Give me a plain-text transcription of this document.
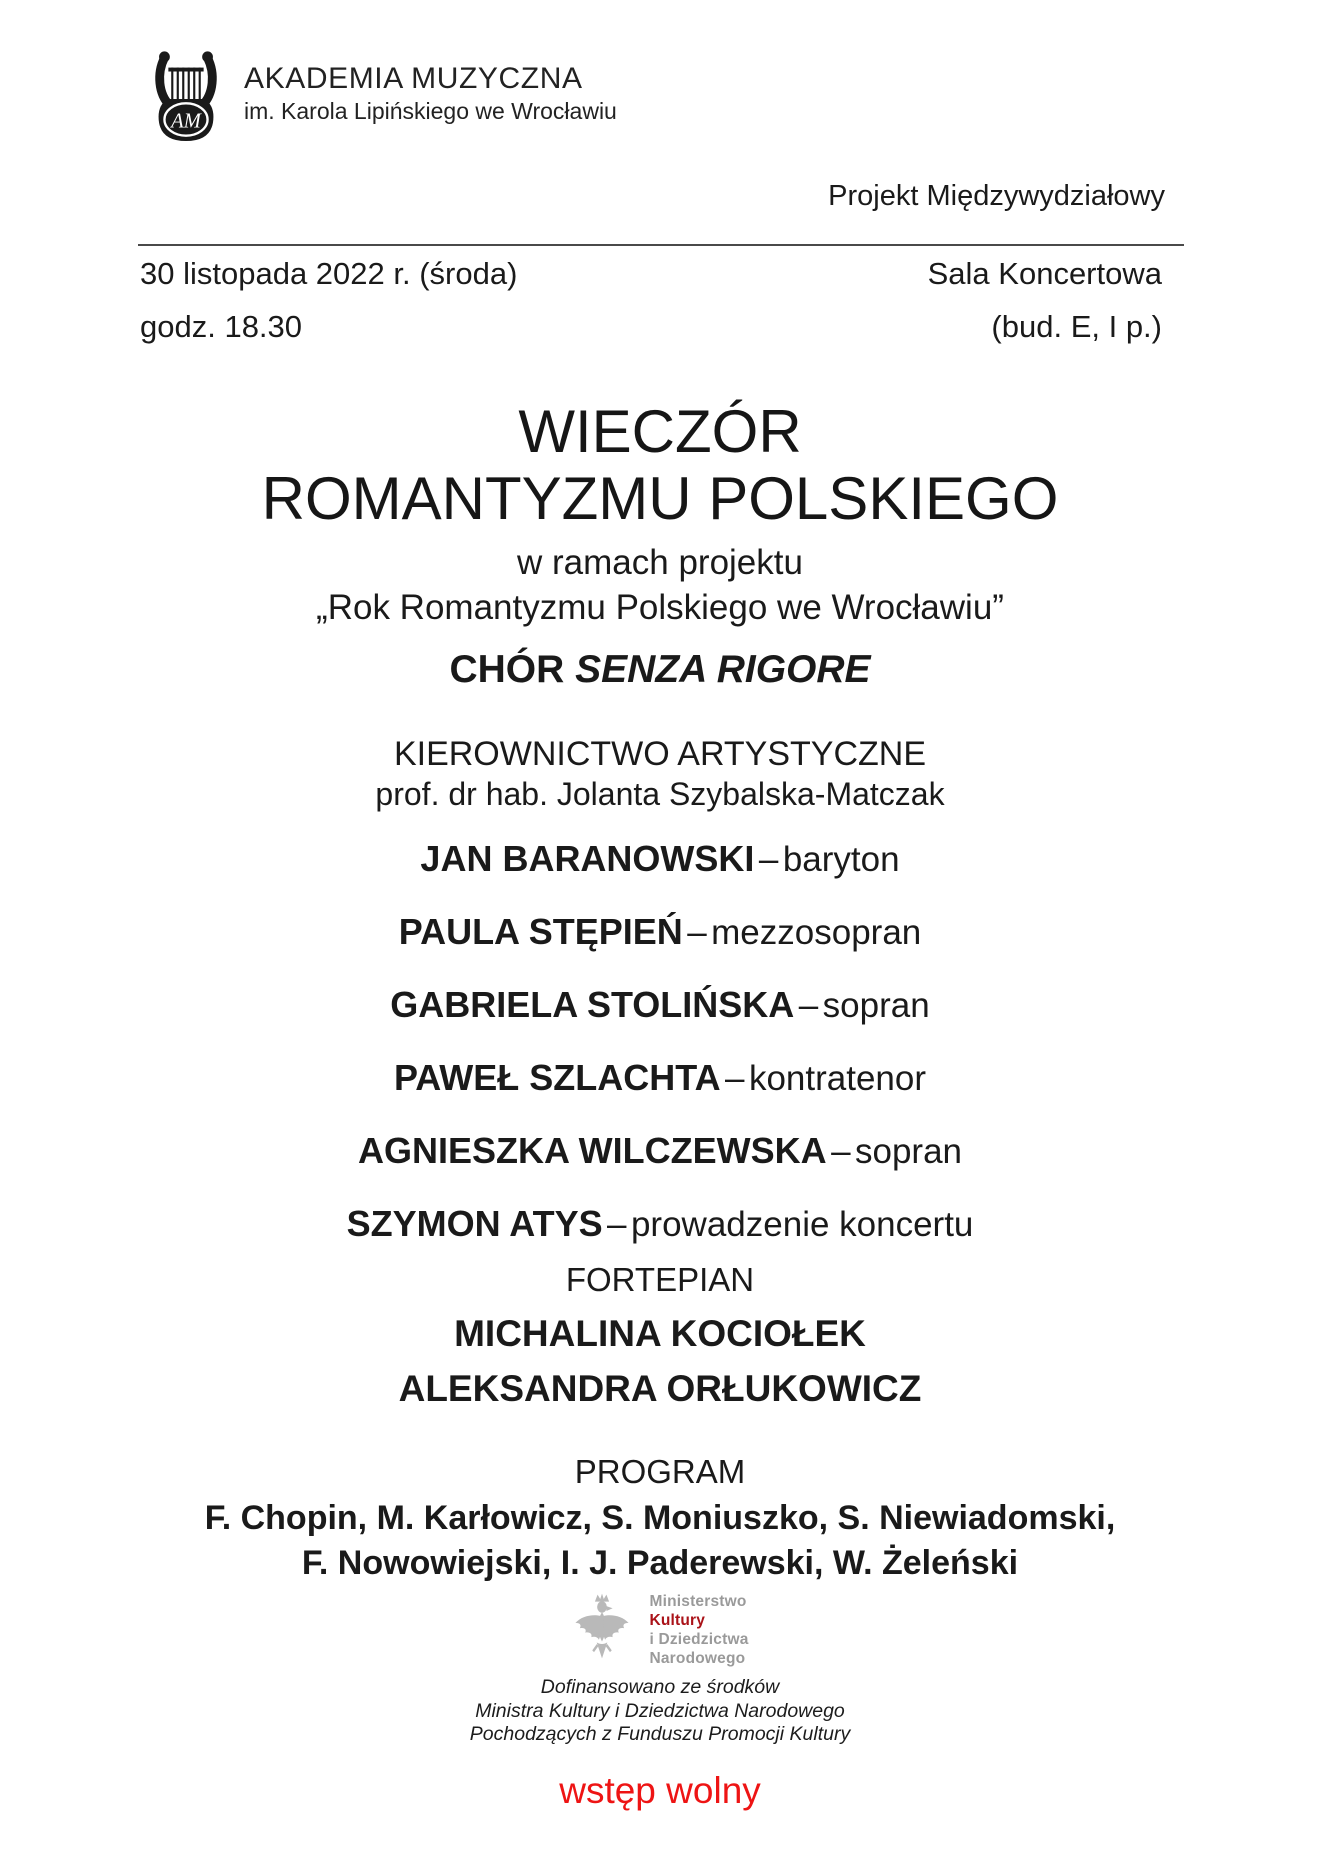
AM
AKADEMIA MUZYCZNA
im. Karola Lipińskiego we Wrocławiu
Projekt Międzywydziałowy
30 listopada 2022 r. (środa)	Sala Koncertowa
godz. 18.30	(bud. E, I p.)
WIECZÓR
ROMANTYZMU POLSKIEGO
w ramach projektu
„Rok Romantyzmu Polskiego we Wrocławiu”
CHÓR SENZA RIGORE
KIEROWNICTWO ARTYSTYCZNE
prof. dr hab. Jolanta Szybalska-Matczak
JAN BARANOWSKI – baryton
PAULA STĘPIEŃ – mezzosopran
GABRIELA STOLIŃSKA – sopran
PAWEŁ SZLACHTA – kontratenor
AGNIESZKA WILCZEWSKA – sopran
SZYMON ATYS – prowadzenie koncertu
FORTEPIAN
MICHALINA KOCIOŁEK
ALEKSANDRA ORŁUKOWICZ
PROGRAM
F. Chopin, M. Karłowicz, S. Moniuszko, S. Niewiadomski,
F. Nowowiejski, I. J. Paderewski, W. Żeleński
Ministerstwo
Kultury
i Dziedzictwa
Narodowego
Dofinansowano ze środków
Ministra Kultury i Dziedzictwa Narodowego
Pochodzących z Funduszu Promocji Kultury
wstęp wolny
